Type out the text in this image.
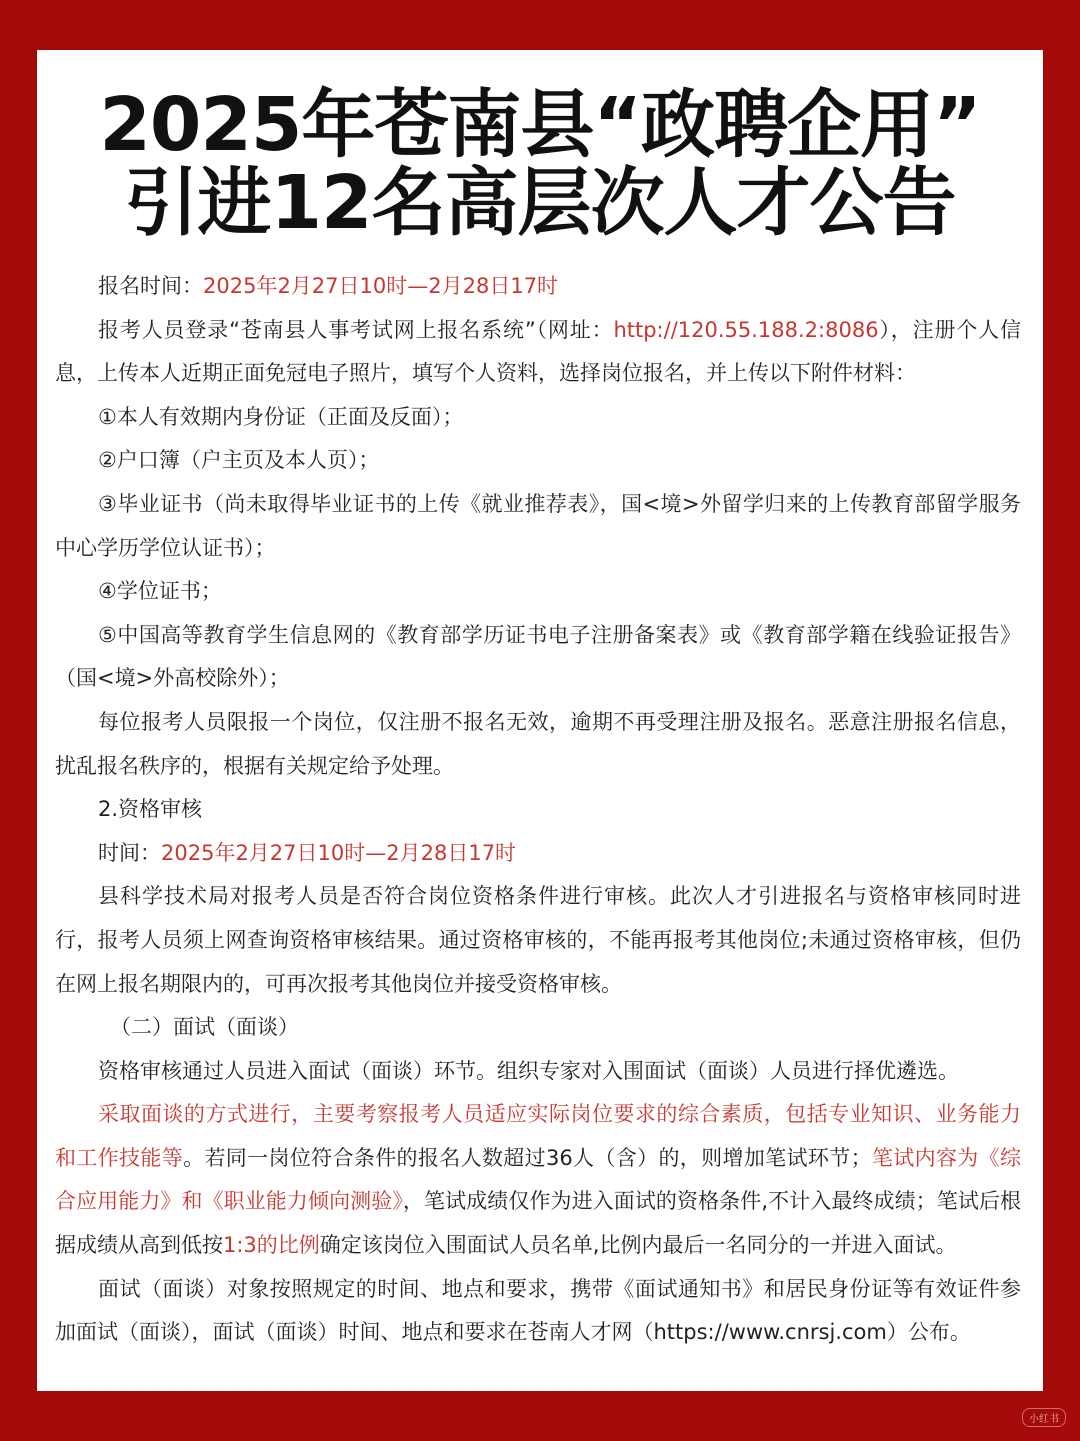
2025年苍南县“政聘企用”
引进12名高层次人才公告

报名时间：2025年2月27日10时—2月28日17时

报考人员登录“苍南县人事考试网上报名系统”（网址：http://120.55.188.2:8086），注册个人信息，上传本人近期正面免冠电子照片，填写个人资料，选择岗位报名，并上传以下附件材料：

①本人有效期内身份证（正面及反面）；

②户口簿（户主页及本人页）；

③毕业证书（尚未取得毕业证书的上传《就业推荐表》，国<境>外留学归来的上传教育部留学服务中心学历学位认证书）；

④学位证书；

⑤中国高等教育学生信息网的《教育部学历证书电子注册备案表》或《教育部学籍在线验证报告》（国<境>外高校除外）；

每位报考人员限报一个岗位，仅注册不报名无效，逾期不再受理注册及报名。恶意注册报名信息，扰乱报名秩序的，根据有关规定给予处理。

2.资格审核

时间：2025年2月27日10时—2月28日17时

县科学技术局对报考人员是否符合岗位资格条件进行审核。此次人才引进报名与资格审核同时进行，报考人员须上网查询资格审核结果。通过资格审核的，不能再报考其他岗位;未通过资格审核，但仍在网上报名期限内的，可再次报考其他岗位并接受资格审核。

（二）面试（面谈）

资格审核通过人员进入面试（面谈）环节。组织专家对入围面试（面谈）人员进行择优遴选。

采取面谈的方式进行，主要考察报考人员适应实际岗位要求的综合素质，包括专业知识、业务能力和工作技能等。若同一岗位符合条件的报名人数超过36人（含）的，则增加笔试环节；笔试内容为《综合应用能力》和《职业能力倾向测验》，笔试成绩仅作为进入面试的资格条件,不计入最终成绩；笔试后根据成绩从高到低按1:3的比例确定该岗位入围面试人员名单,比例内最后一名同分的一并进入面试。

面试（面谈）对象按照规定的时间、地点和要求，携带《面试通知书》和居民身份证等有效证件参加面试（面谈），面试（面谈）时间、地点和要求在苍南人才网（https://www.cnrsj.com）公布。

小红书
